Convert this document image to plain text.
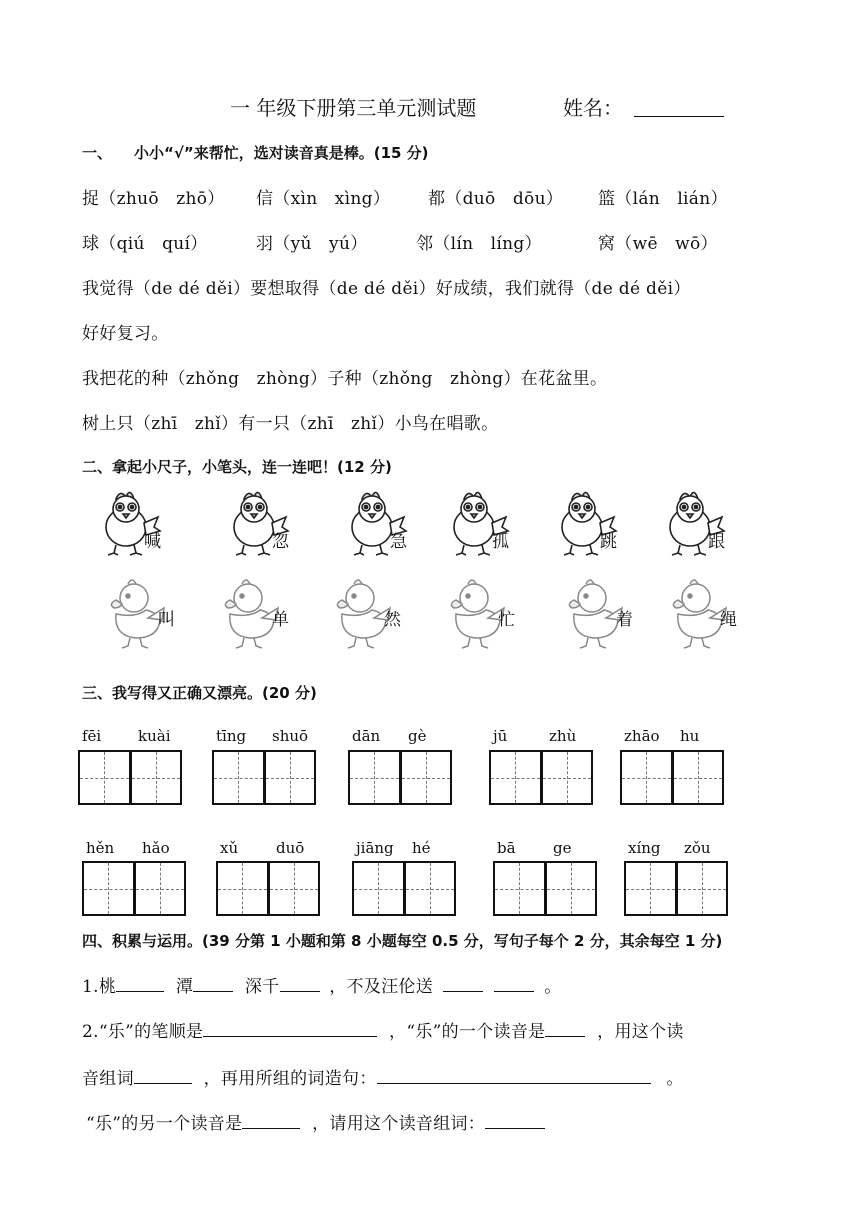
一 年级下册第三单元测试题	姓名：
一、 小小“√”来帮忙，选对读音真是棒。(15 分)
捉（zhuō　zhō） 信（xìn　xìng） 都（duō　dōu） 篮（lán　lián）
球（qiú　quí）	羽（yǔ　yú）	邻（lín　líng）	窝（wē　wō）
我觉得（de dé děi）要想取得（de dé děi）好成绩，我们就得（de dé děi）
好好复习。
我把花的种（zhǒng　zhòng）子种（zhǒng　zhòng）在花盆里。
树上只（zhī　zhǐ）有一只（zhī　zhǐ）小鸟在唱歌。
二、拿起小尺子，小笔头，连一连吧！(12 分)
喊	忽	急	孤	跳	跟
叫	单	然	忙	着	绳
三、我写得又正确又漂亮。(20 分)
fēi kuài	tīng shuō	dān gè	jū	zhù	zhāo hu
hěn hǎo	xǔ	duō	jiāng hé	bā ge	xíng zǒu
四、积累与运用。(39 分第 1 小题和第 8 小题每空 0.5 分，写句子每个 2 分，其余每空 1 分)
1.桃	潭	深千	，不及汪伦送	。
2.“乐”的笔顺是	，“乐”的一个读音是	，用这个读
音组词	，再用所组的词造句：	。
“乐”的另一个读音是	，请用这个读音组词：
